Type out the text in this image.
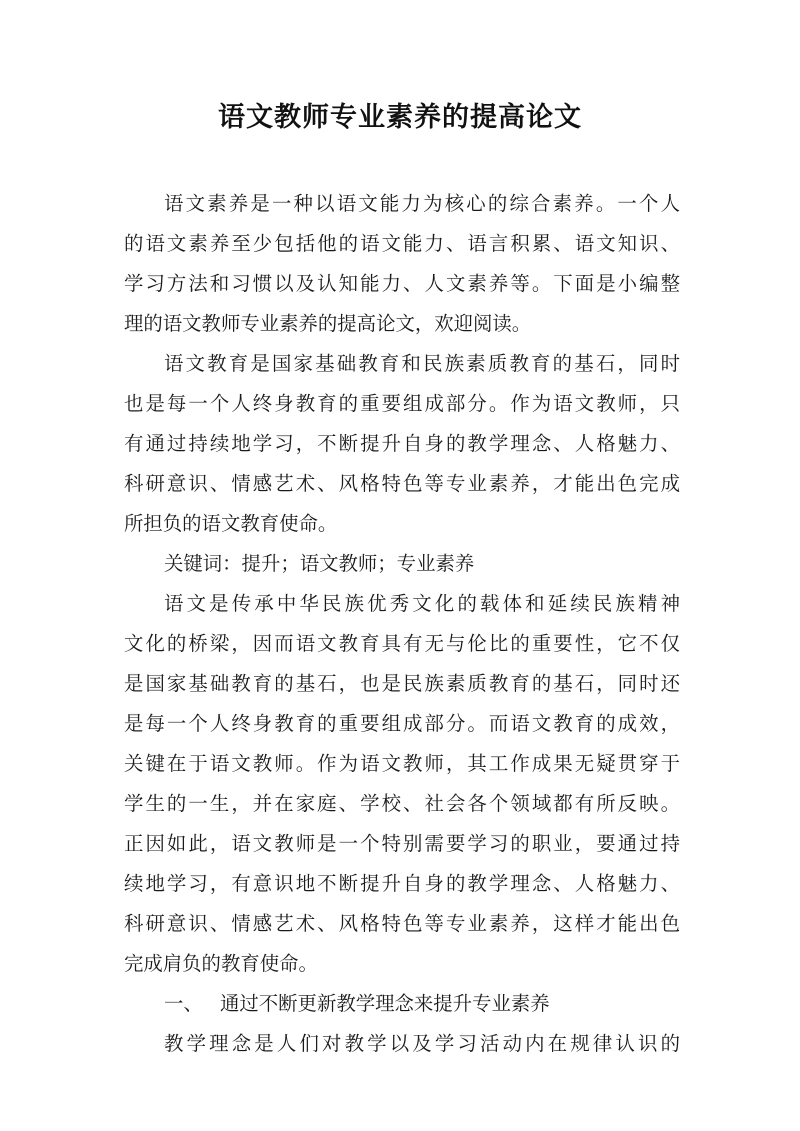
语文教师专业素养的提高论文
语文素养是一种以语文能力为核心的综合素养。一个人
的语文素养至少包括他的语文能力、语言积累、语文知识、
学习方法和习惯以及认知能力、人文素养等。下面是小编整
理的语文教师专业素养的提高论文，欢迎阅读。
语文教育是国家基础教育和民族素质教育的基石，同时
也是每一个人终身教育的重要组成部分。作为语文教师，只
有通过持续地学习，不断提升自身的教学理念、人格魅力、
科研意识、情感艺术、风格特色等专业素养，才能出色完成
所担负的语文教育使命。
关键词：提升；语文教师；专业素养
语文是传承中华民族优秀文化的载体和延续民族精神
文化的桥梁，因而语文教育具有无与伦比的重要性，它不仅
是国家基础教育的基石，也是民族素质教育的基石，同时还
是每一个人终身教育的重要组成部分。而语文教育的成效，
关键在于语文教师。作为语文教师，其工作成果无疑贯穿于
学生的一生，并在家庭、学校、社会各个领域都有所反映。
正因如此，语文教师是一个特别需要学习的职业，要通过持
续地学习，有意识地不断提升自身的教学理念、人格魅力、
科研意识、情感艺术、风格特色等专业素养，这样才能出色
完成肩负的教育使命。
一、 通过不断更新教学理念来提升专业素养
教学理念是人们对教学以及学习活动内在规律认识的
